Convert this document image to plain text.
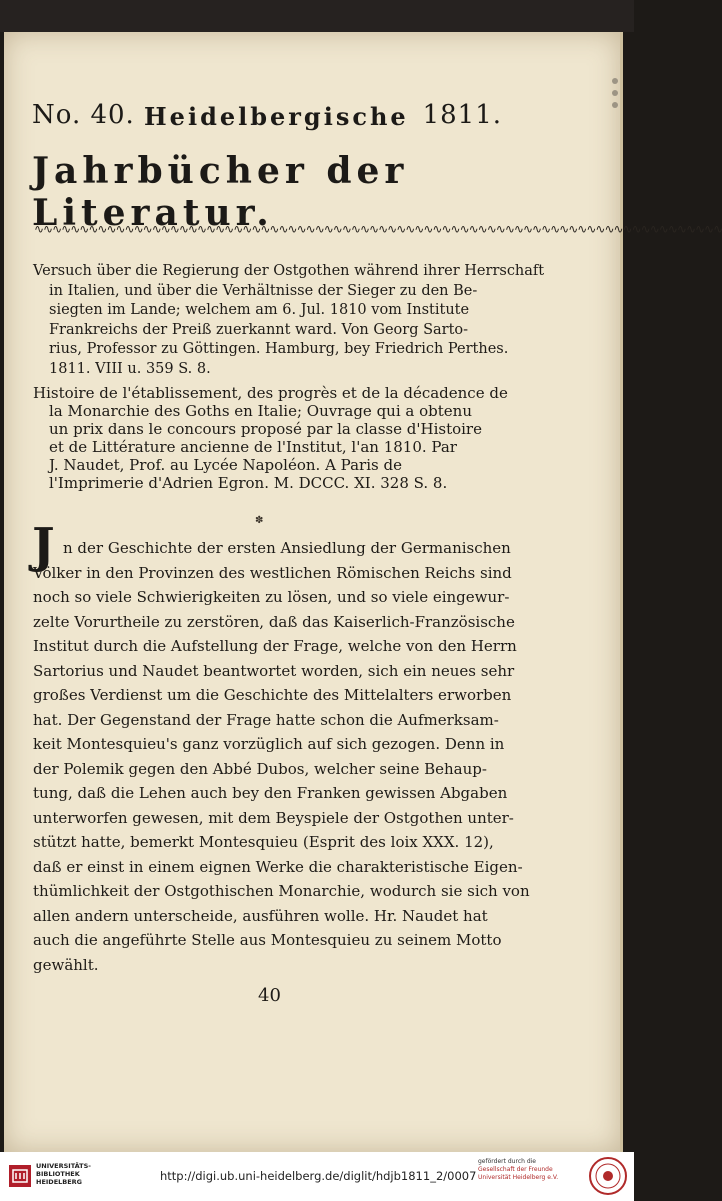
No. 40. Heidelbergische 1811.
Jahrbücher der Literatur.
∿∿∿∿∿∿∿∿∿∿∿∿∿∿∿∿∿∿∿∿∿∿∿∿∿∿∿∿∿∿∿∿∿∿∿∿∿∿∿∿∿∿∿∿∿∿∿∿∿∿∿∿∿∿∿∿∿∿∿∿∿∿∿∿∿∿∿∿∿∿∿∿∿∿∿∿
Versuch über die Regierung der Ostgothen während ihrer Herrschaft
in Italien, und über die Verhältnisse der Sieger zu den Be-
siegten im Lande; welchem am 6. Jul. 1810 vom Institute
Frankreichs der Preiß zuerkannt ward. Von Georg Sarto-
rius, Professor zu Göttingen. Hamburg, bey Friedrich Perthes.
1811. VIII u. 359 S. 8.
Histoire de l'établissement, des progrès et de la décadence de
la Monarchie des Goths en Italie; Ouvrage qui a obtenu
un prix dans le concours proposé par la classe d'Histoire
et de Littérature ancienne de l'Institut, l'an 1810. Par
J. Naudet, Prof. au Lycée Napoléon. A Paris de
l'Imprimerie d'Adrien Egron. M. DCCC. XI. 328 S. 8.
✽
J n der Geschichte der ersten Ansiedlung der Germanischen
Völker in den Provinzen des westlichen Römischen Reichs sind
noch so viele Schwierigkeiten zu lösen, und so viele eingewur-
zelte Vorurtheile zu zerstören, daß das Kaiserlich-Französische
Institut durch die Aufstellung der Frage, welche von den Herrn
Sartorius und Naudet beantwortet worden, sich ein neues sehr
großes Verdienst um die Geschichte des Mittelalters erworben
hat. Der Gegenstand der Frage hatte schon die Aufmerksam-
keit Montesquieu's ganz vorzüglich auf sich gezogen. Denn in
der Polemik gegen den Abbé Dubos, welcher seine Behaup-
tung, daß die Lehen auch bey den Franken gewissen Abgaben
unterworfen gewesen, mit dem Beyspiele der Ostgothen unter-
stützt hatte, bemerkt Montesquieu (Esprit des loix XXX. 12),
daß er einst in einem eignen Werke die charakteristische Eigen-
thümlichkeit der Ostgothischen Monarchie, wodurch sie sich von
allen andern unterscheide, ausführen wolle. Hr. Naudet hat
auch die angeführte Stelle aus Montesquieu zu seinem Motto
gewählt.
40
UNIVERSITÄTS-
BIBLIOTHEK
HEIDELBERG	http://digi.ub.uni-heidelberg.de/diglit/hdjb1811_2/0007
gefördert durch die
Gesellschaft der Freunde
Universität Heidelberg e.V.
